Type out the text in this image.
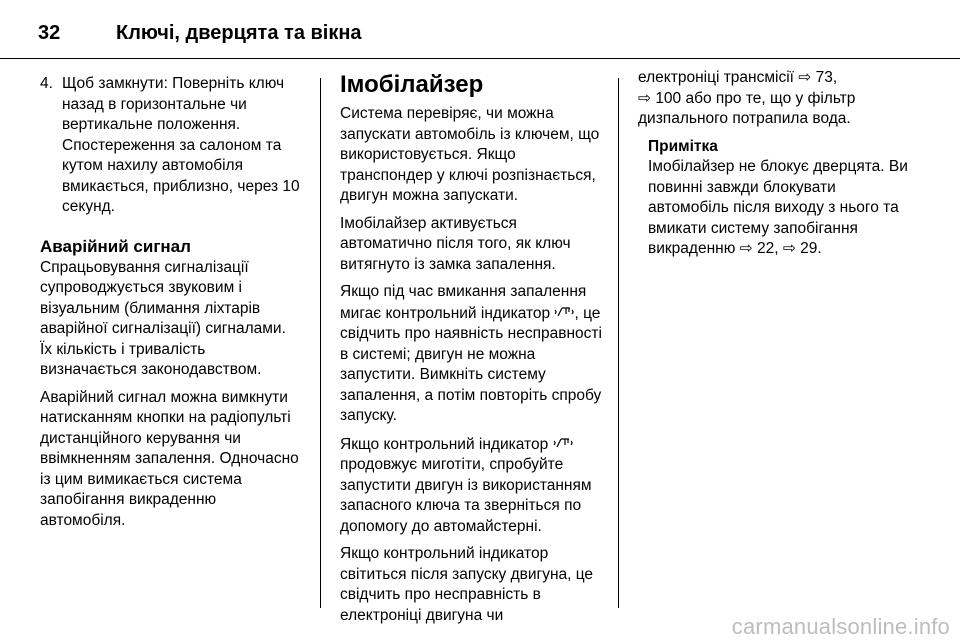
32	Ключі, дверцята та вікна
4. Щоб замкнути: Поверніть ключ назад в горизонтальне чи вертикальне положення. Спостереження за салоном та кутом нахилу автомобіля вмикається, приблизно, через 10 секунд.
Аварійний сигнал

Спрацьовування сигналізації супроводжується звуковим і візуальним (блимання ліхтарів аварійної сигналізації) сигналами. Їх кількість і тривалість визначається законодавством.

Аварійний сигнал можна вимкнути натисканням кнопки на радіопульті дистанційного керування чи ввімкненням запалення. Одночасно із цим вимикається система запобігання викраденню автомобіля.

Імобілайзер

Система перевіряє, чи можна запускати автомобіль із ключем, що використовується. Якщо транспондер у ключі розпізнається, двигун можна запускати.

Імобілайзер активується автоматично після того, як ключ витягнуто із замка запалення.

Якщо під час вмикання запалення мигає контрольний індикатор , це свідчить про наявність несправності в системі; двигун не можна запустити. Вимкніть систему запалення, а потім повторіть спробу запуску.

Якщо контрольний індикатор  продовжує миготіти, спробуйте запустити двигун із використанням запасного ключа та зверніться по допомогу до автомайстерні.

Якщо контрольний індикатор світиться після запуску двигуна, це свідчить про несправність в електроніці двигуна чи

електроніці трансмісії ⇨ 73,
⇨ 100 або про те, що у фільтр дизпального потрапила вода.

Примітка

Імобілайзер не блокує дверцята. Ви повинні завжди блокувати автомобіль після виходу з нього та вмикати систему запобігання викраденню ⇨ 22, ⇨ 29.

carmanualsonline.info
